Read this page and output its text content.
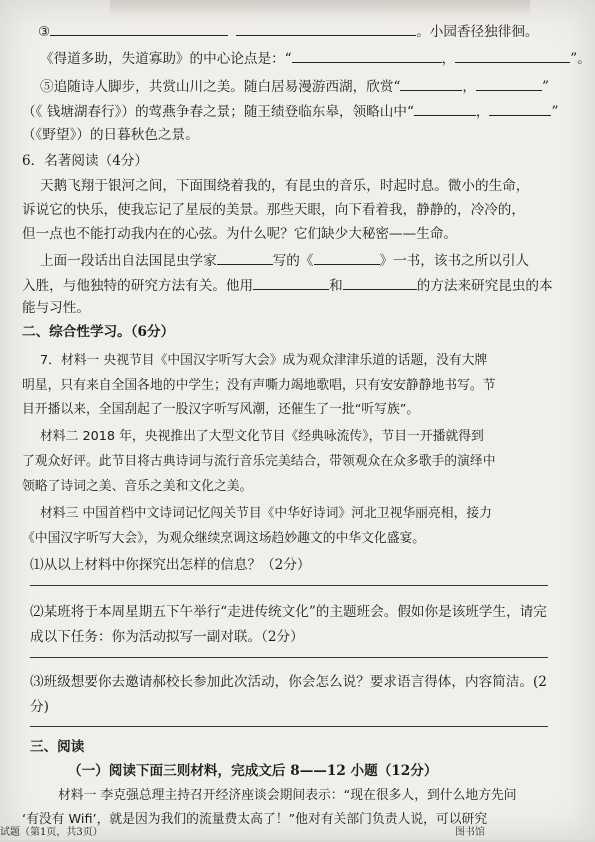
③	。小园香径独徘徊。
《得道多助，失道寡助》的中心论点是：“	，	”。
⑤追随诗人脚步，共赏山川之美。随白居易漫游西湖，欣赏“	，	”
（《 钱塘湖春行》）的莺燕争春之景；随王绩登临东皋，领略山中“	，	”
（《野望》）的日暮秋色之景。
6．名著阅读（4分）
天鹅飞翔于银河之间，下面围绕着我的，有昆虫的音乐，时起时息。微小的生命，
诉说它的快乐，使我忘记了星辰的美景。那些天眼，向下看着我，静静的，冷冷的，
但一点也不能打动我内在的心弦。为什么呢？它们缺少大秘密——生命。
上面一段话出自法国昆虫学家	写的《	》一书，该书之所以引人
入胜，与他独特的研究方法有关。他用	和	的方法来研究昆虫的本
能与习性。
二、综合性学习。（6分）
7．材料一 央视节目《中国汉字听写大会》成为观众津津乐道的话题，没有大牌
明星，只有来自全国各地的中学生；没有声嘶力竭地歌唱，只有安安静静地书写。节
目开播以来，全国刮起了一股汉字听写风潮，还催生了一批“听写族”。
材料二 2018 年，央视推出了大型文化节目《经典咏流传》，节目一开播就得到
了观众好评。此节目将古典诗词与流行音乐完美结合，带领观众在众多歌手的演绎中
领略了诗词之美、音乐之美和文化之美。
材料三 中国首档中文诗词记忆闯关节目《中华好诗词》河北卫视华丽亮相，接力
《中国汉字听写大会》，为观众继续烹调这场趋妙趣文的中华文化盛宴。
⑴从以上材料中你探究出怎样的信息？（2分）
⑵某班将于本周星期五下午举行“走进传统文化”的主题班会。假如你是该班学生，请完
成以下任务：你为活动拟写一副对联。（2分）
⑶班级想要你去邀请郝校长参加此次活动，你会怎么说？要求语言得体，内容简洁。(2
分)
三、阅读
（一）阅读下面三则材料，完成文后 8——12 小题（12分）
材料一 李克强总理主持召开经济座谈会期间表示：“现在很多人，到什么地方先问
‘有没有 Wifi’，就是因为我们的流量费太高了！”他对有关部门负责人说，可以研究
试题（第1页，共3页）	图书馆
